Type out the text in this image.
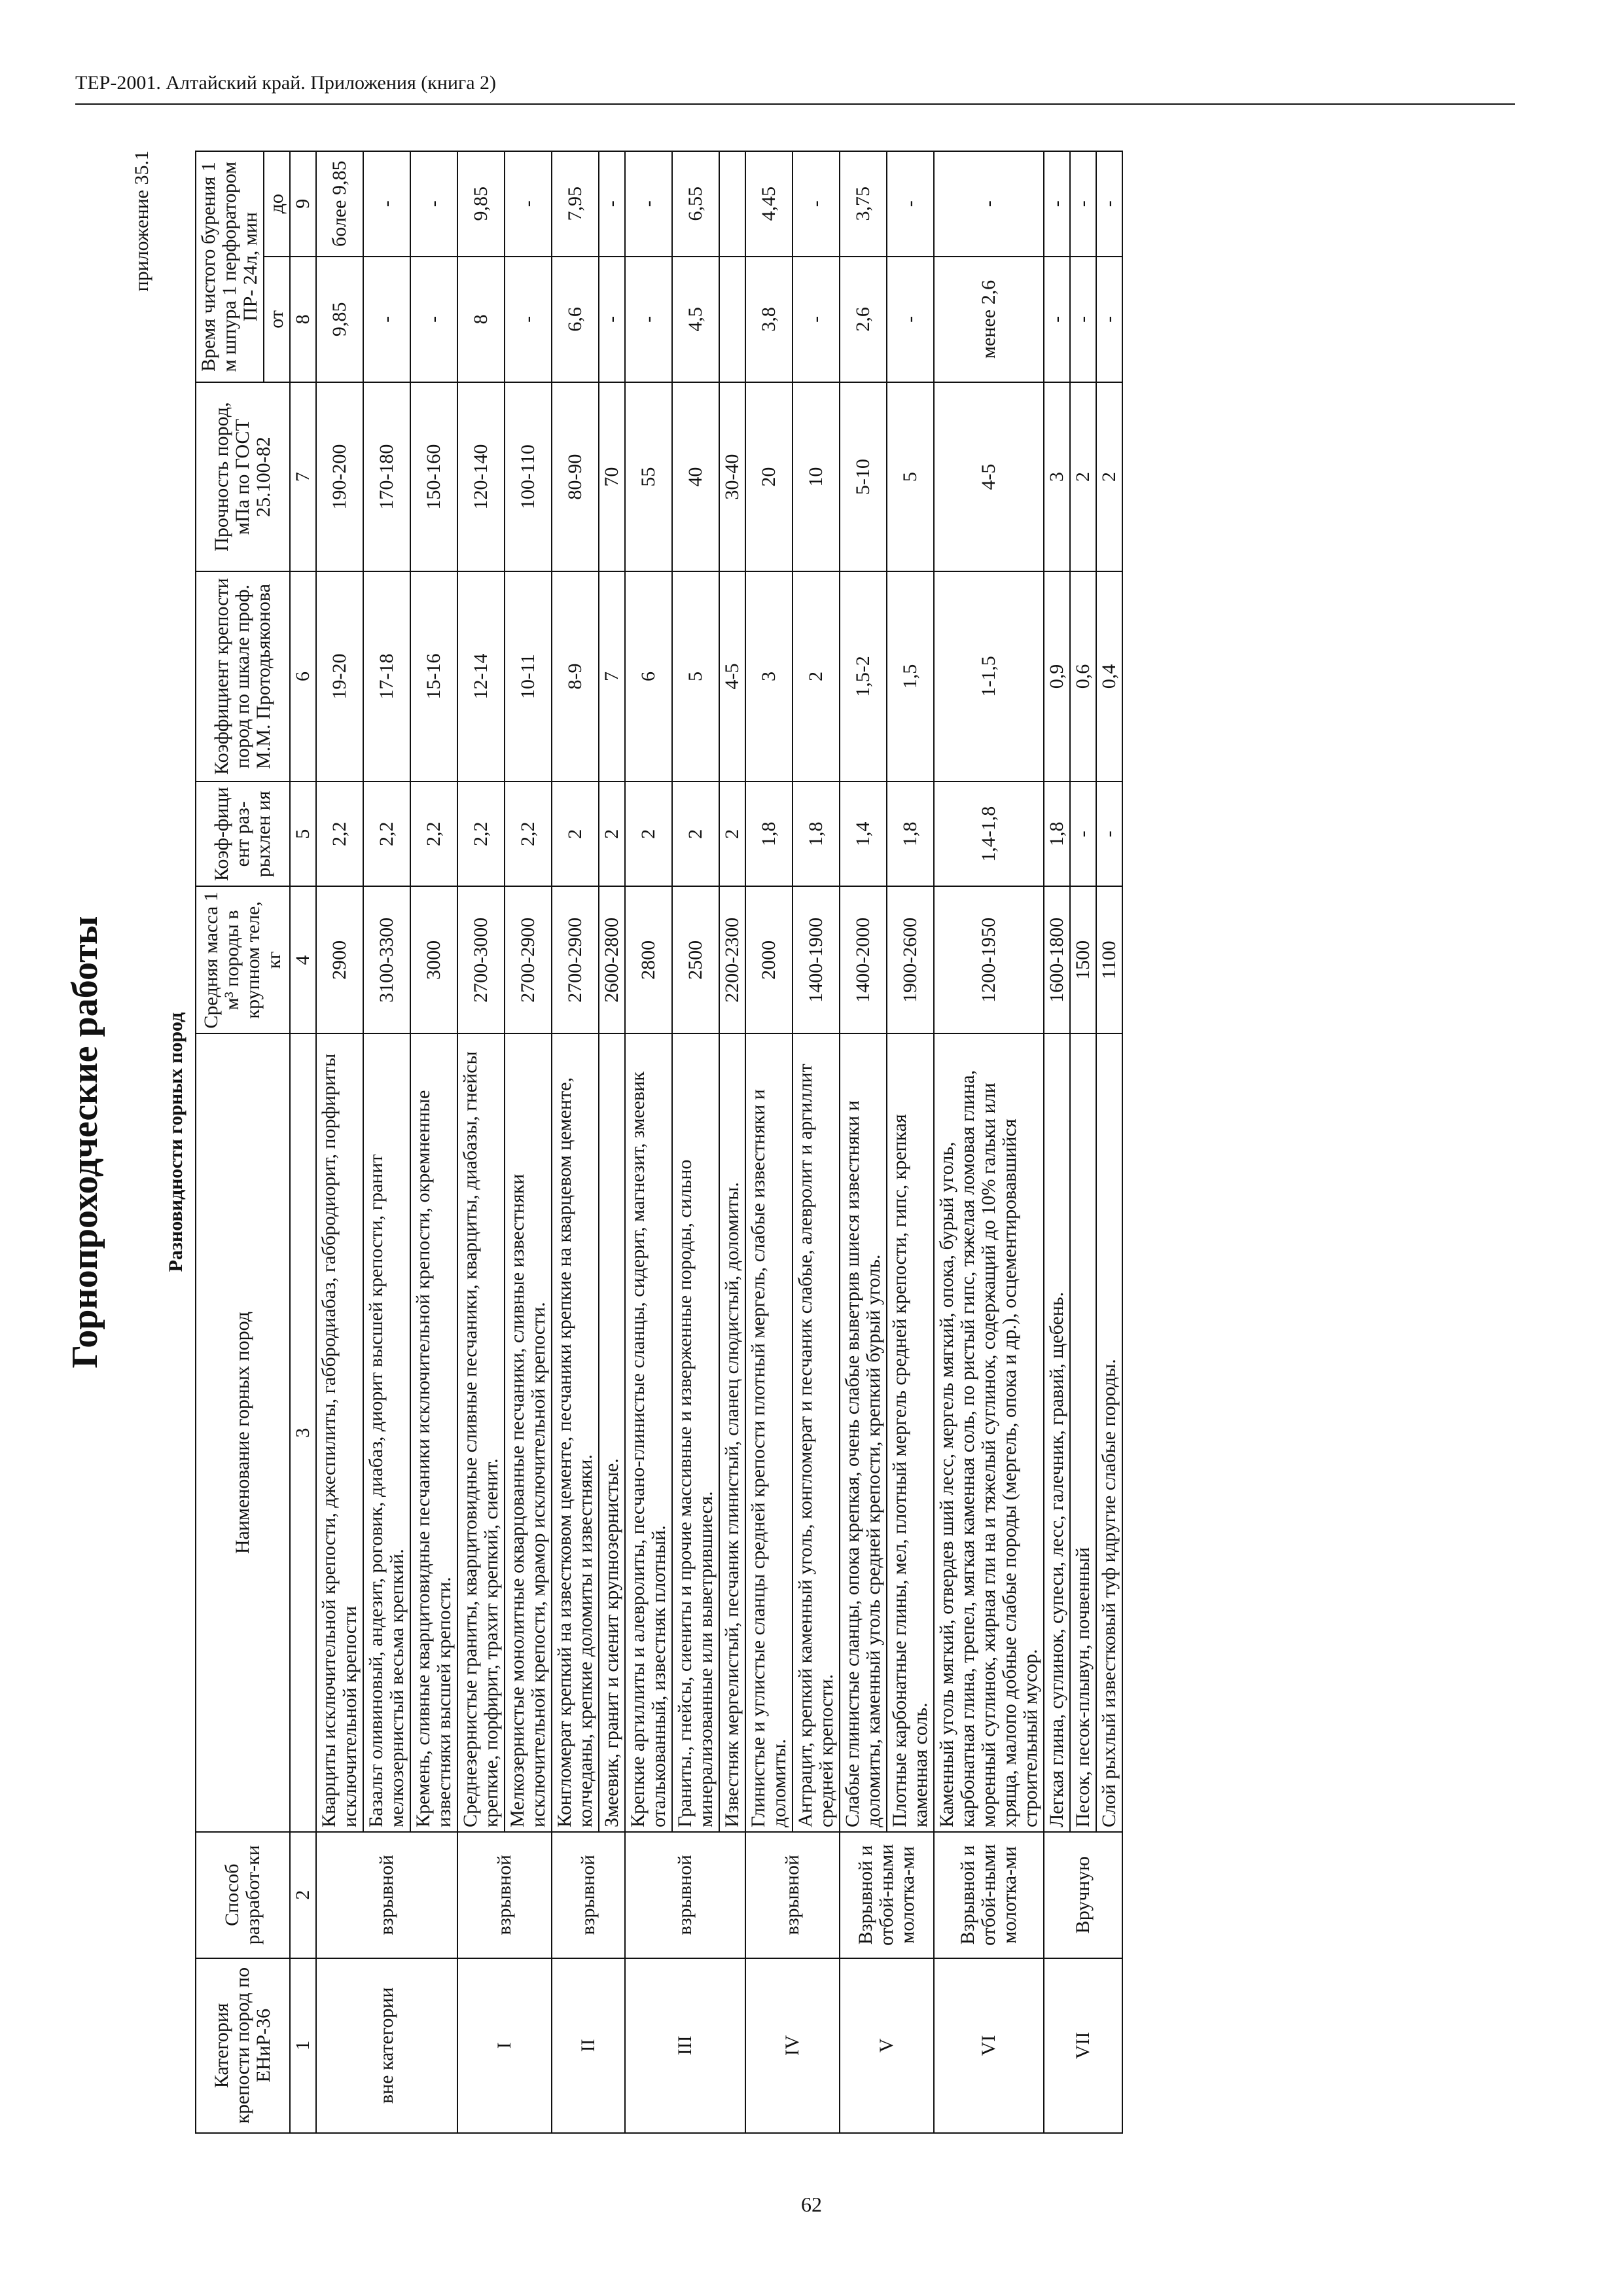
ТЕР-2001. Алтайский край. Приложения (книга 2)
Горнопроходческие работы
приложение 35.1
Разновидности горных пород
Категория крепости пород по ЕНиР-36	Способ разработ-ки	Наименование горных пород	Средняя масса 1 м³ породы в крупном теле, кг	Коэф-фици ент раз-рыхлен ия	Коэффициент крепости пород по шкале проф. М.М. Протодьяконова	Прочность пород, мПа по ГОСТ 25.100-82	Время чистого бурения 1 м шпура 1 перфоратором ПР- 24л, мин	
							от	до
1	2	3	4	5	6	7	8	9
вне категории	взрывной	Кварциты исключительной крепости, джеспилиты, габбродиабаз, габбродиорит, порфириты исключительной крепости	2900	2,2	19-20	190-200	9,85	более 9,85
		Базальт оливиновый, андезит, роговик, диабаз, диорит высшей крепости, гранит мелкозернистый весьма крепкий.	3100-3300	2,2	17-18	170-180	-	-
		Кремень, сливные кварцитовидные песчаники исключительной крепости, окремненные известняки высшей крепости.	3000	2,2	15-16	150-160	-	-
I	взрывной	Среднезернистые граниты, кварцитовидные сливные песчаники, кварциты, диабазы, гнейсы крепкие, порфирит, трахит крепкий, сиенит.	2700-3000	2,2	12-14	120-140	8	9,85
		Мелкозернистые монолитные окварцованные песчаники, сливные известняки исключительной крепости, мрамор исключительной крепости.	2700-2900	2,2	10-11	100-110	-	-
II	взрывной	Конгломерат крепкий на известковом цементе, песчаники крепкие на кварцевом цементе, колчеданы, крепкие доломиты и известняки.	2700-2900	2	8-9	80-90	6,6	7,95
		Змеевик, гранит и сиенит крупнозернистые.	2600-2800	2	7	70	-	-
III	взрывной	Крепкие аргиллиты и алевролиты, песчано-глинистые сланцы, сидерит, магнезит, змеевик оталькованный, известняк плотный.	2800	2	6	55	-	-
		Граниты., гнейсы, сиениты и прочие массивные и изверженные породы, сильно минерализованные или выветрившиеся.	2500	2	5	40	4,5	6,55
		Известняк мергелистый, песчаник глинистый, сланец слюдистый, доломиты.	2200-2300	2	4-5	30-40		
IV	взрывной	Глинистые и углистые сланцы средней крепости плотный мергель, слабые известняки и доломиты.	2000	1,8	3	20	3,8	4,45
		Антрацит, крепкий каменный уголь, конгломерат и песчаник слабые, алевролит и аргиллит средней крепости.	1400-1900	1,8	2	10	-	-
V	Взрывной и отбой-ными молотка-ми	Слабые глинистые сланцы, опока крепкая, очень слабые выветрив шиеся известняки и доломиты, каменный уголь средней крепости, крепкий бурый уголь.	1400-2000	1,4	1,5-2	5-10	2,6	3,75
		Плотные карбонатные глины, мел, плотный мергель средней крепости, гипс, крепкая каменная соль.	1900-2600	1,8	1,5	5	-	-
VI	Взрывной и отбой-ными молотка-ми	Каменный уголь мягкий, отвердев ший лесс, мергель мягкий, опока, бурый уголь, карбонатная глина, трепел, мягкая каменная соль, по ристый гипс, тяжелая ломовая глина, моренный суглинок, жирная гли на и тяжелый суглинок, содержащий до 10% гальки или хряща, малопо добные слабые породы (мергель, опока и др.), осцементировавшийся строительный мусор.	1200-1950	1,4-1,8	1-1,5	4-5	менее 2,6	-
VII	Вручную	Легкая глина, суглинок, супеси, лесс, галечник, гравий, щебень.	1600-1800	1,8	0,9	3	-	-
		Песок, песок-плывун, почвенный	1500	-	0,6	2	-	-
		Слой рыхлый известковый туф идругие слабые породы.	1100	-	0,4	2	-	-
62
